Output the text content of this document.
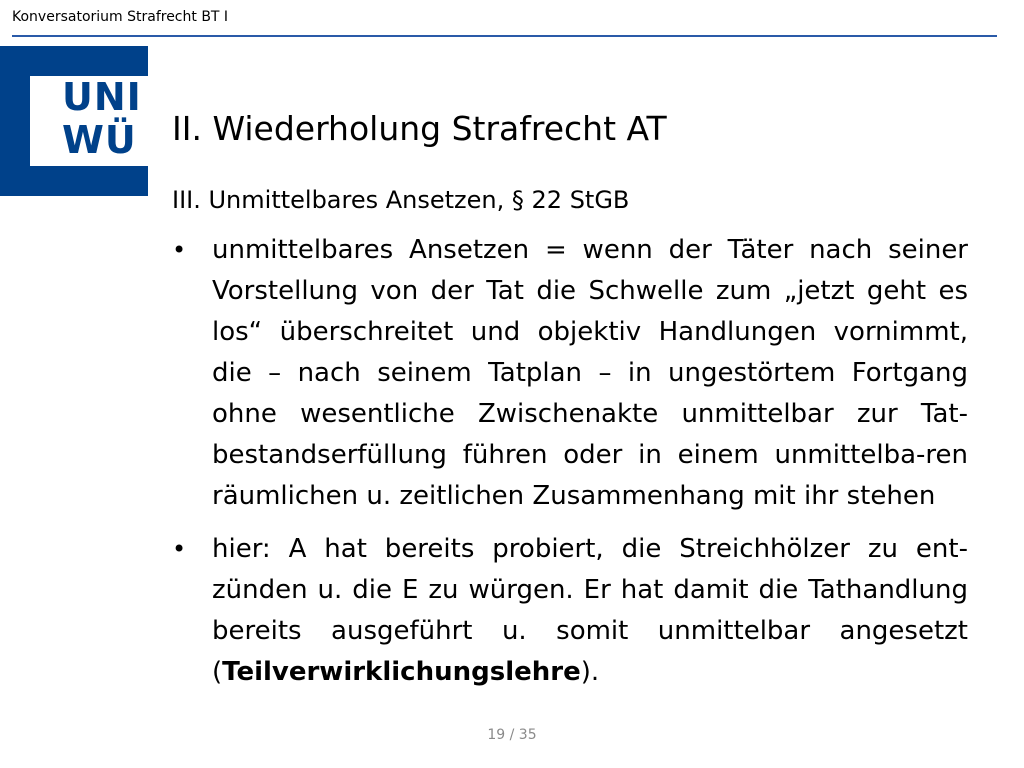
Konversatorium Strafrecht BT I
UNI
WÜ	II. Wiederholung Strafrecht AT
III. Unmittelbares Ansetzen, § 22 StGB
• unmittelbares Ansetzen = wenn der Täter nach seiner Vorstellung von der Tat die Schwelle zum „jetzt geht es los“ überschreitet und objektiv Handlungen vornimmt, die – nach seinem Tatplan – in ungestörtem Fortgang ohne wesentliche Zwischenakte unmittelbar zur Tat-bestandserfüllung führen oder in einem unmittelba-ren räumlichen u. zeitlichen Zusammenhang mit ihr stehen
• hier: A hat bereits probiert, die Streichhölzer zu ent-zünden u. die E zu würgen. Er hat damit die Tathandlung bereits ausgeführt u. somit unmittelbar angesetzt (Teilverwirklichungslehre).
19 / 35
